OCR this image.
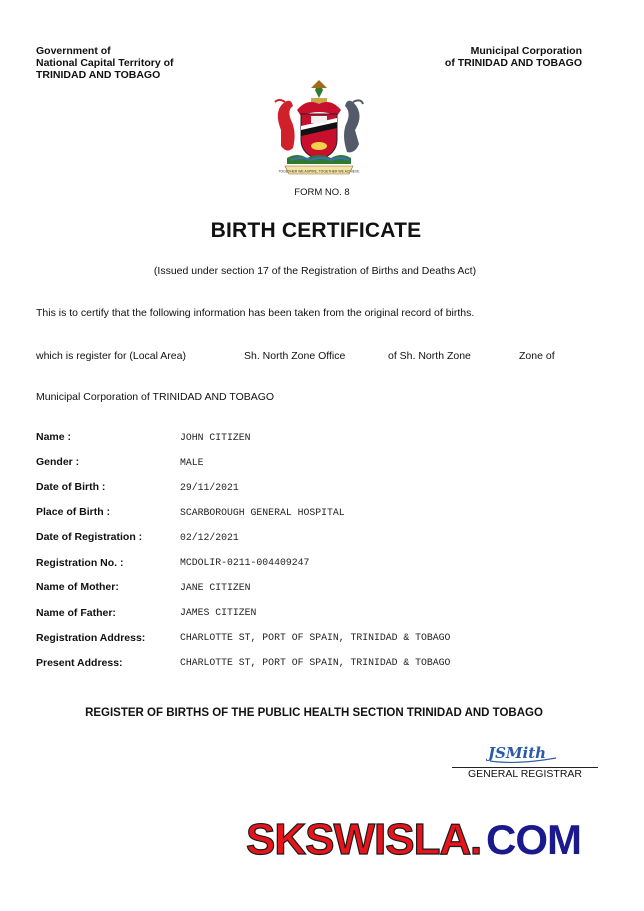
Government of
National Capital Territory of
TRINIDAD AND TOBAGO
Municipal Corporation
of TRINIDAD AND TOBAGO
TOGETHER WE ASPIRE, TOGETHER WE ACHIEVE
FORM NO. 8
BIRTH CERTIFICATE
(Issued under section 17 of the Registration of Births and Deaths Act)
This is to certify that the following information has been taken from the original record of births.
which is register for (Local Area)	Sh. North Zone Office	of Sh. North Zone	Zone of
Municipal Corporation of TRINIDAD AND TOBAGO
Name :	JOHN CITIZEN
Gender :	MALE
Date of Birth :	29/11/2021
Place of Birth :	SCARBOROUGH GENERAL HOSPITAL
Date of Registration :	02/12/2021
Registration No. :	MCDOLIR-0211-004409247
Name of Mother:	JANE CITIZEN
Name of Father:	JAMES CITIZEN
Registration Address:	CHARLOTTE ST, PORT OF SPAIN, TRINIDAD & TOBAGO
Present Address:	CHARLOTTE ST, PORT OF SPAIN, TRINIDAD & TOBAGO
REGISTER OF BIRTHS OF THE PUBLIC HEALTH SECTION TRINIDAD AND TOBAGO
JSMith
GENERAL REGISTRAR
SKSWISLA . COM
